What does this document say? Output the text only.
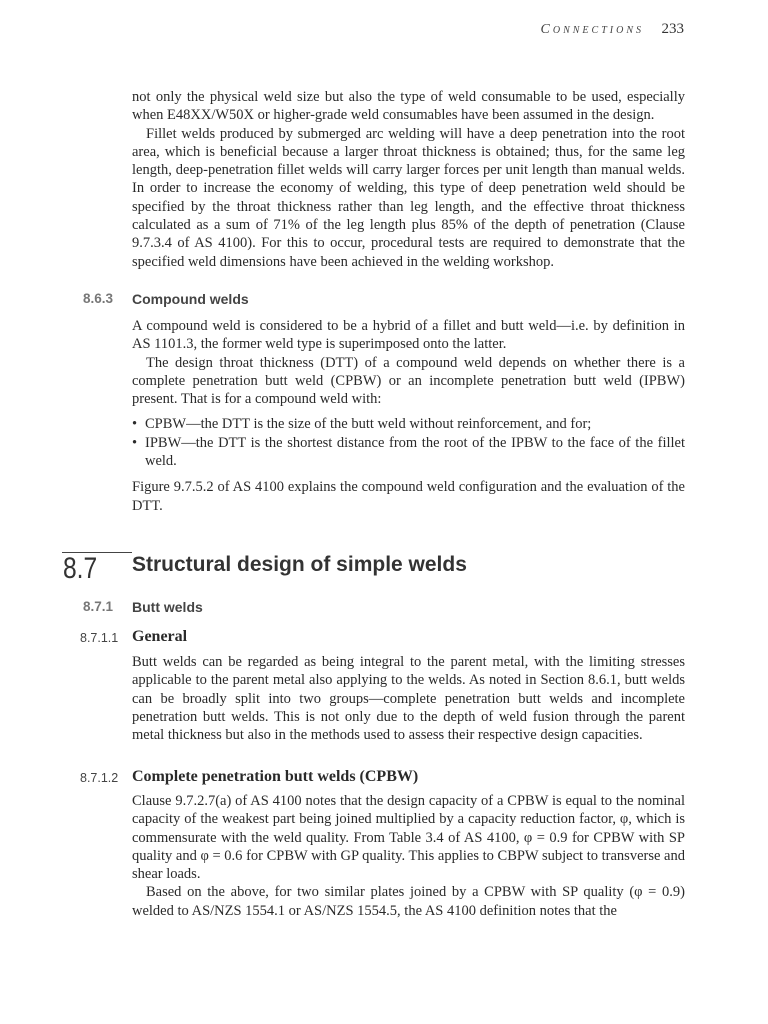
Connections 233

not only the physical weld size but also the type of weld consumable to be used, especially when E48XX/W50X or higher-grade weld consumables have been assumed in the design.

Fillet welds produced by submerged arc welding will have a deep penetration into the root area, which is beneficial because a larger throat thickness is obtained; thus, for the same leg length, deep-penetration fillet welds will carry larger forces per unit length than manual welds. In order to increase the economy of welding, this type of deep penetration weld should be specified by the throat thickness rather than leg length, and the effective throat thickness calculated as a sum of 71% of the leg length plus 85% of the depth of penetration (Clause 9.7.3.4 of AS 4100). For this to occur, procedural tests are required to demonstrate that the specified weld dimensions have been achieved in the welding workshop.

8.6.3 Compound welds

A compound weld is considered to be a hybrid of a fillet and butt weld—i.e. by definition in AS 1101.3, the former weld type is superimposed onto the latter.

The design throat thickness (DTT) of a compound weld depends on whether there is a complete penetration butt weld (CPBW) or an incomplete penetration butt weld (IPBW) present. That is for a compound weld with:

• CPBW—the DTT is the size of the butt weld without reinforcement, and for;
• IPBW—the DTT is the shortest distance from the root of the IPBW to the face of the fillet weld.

Figure 9.7.5.2 of AS 4100 explains the compound weld configuration and the evaluation of the DTT.

8.7 Structural design of simple welds
8.7.1 Butt welds
8.7.1.1 General

Butt welds can be regarded as being integral to the parent metal, with the limiting stresses applicable to the parent metal also applying to the welds. As noted in Section 8.6.1, butt welds can be broadly split into two groups—complete penetration butt welds and incomplete penetration butt welds. This is not only due to the depth of weld fusion through the parent metal thickness but also in the methods used to assess their respective design capacities.

8.7.1.2 Complete penetration butt welds (CPBW)

Clause 9.7.2.7(a) of AS 4100 notes that the design capacity of a CPBW is equal to the nominal capacity of the weakest part being joined multiplied by a capacity reduction factor, φ, which is commensurate with the weld quality. From Table 3.4 of AS 4100, φ = 0.9 for CPBW with SP quality and φ = 0.6 for CPBW with GP quality. This applies to CBPW subject to transverse and shear loads.

Based on the above, for two similar plates joined by a CPBW with SP quality (φ = 0.9) welded to AS/NZS 1554.1 or AS/NZS 1554.5, the AS 4100 definition notes that the
